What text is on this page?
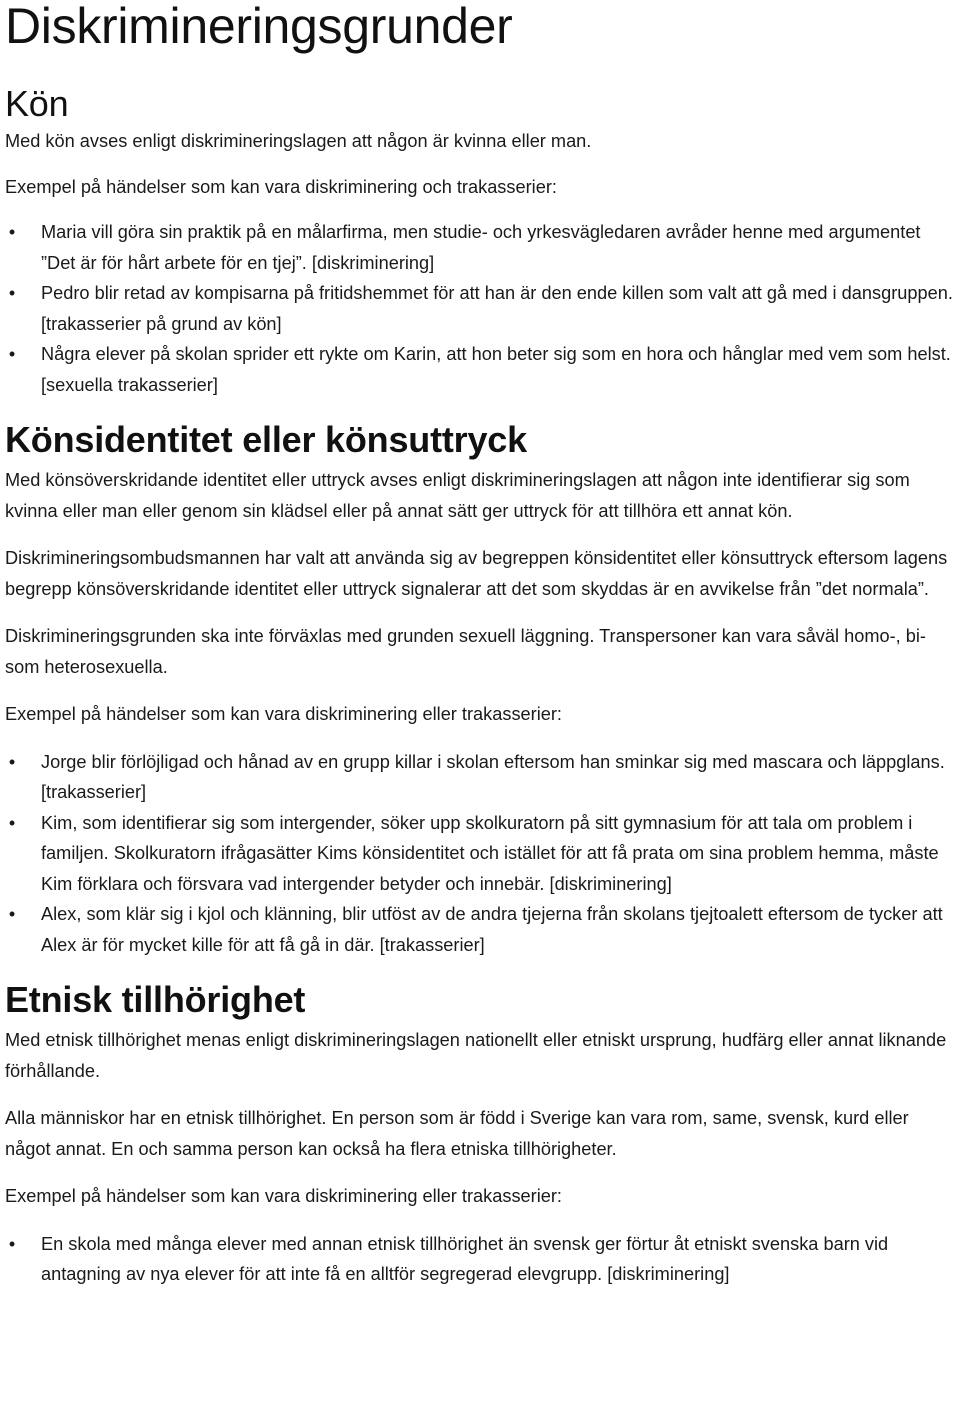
Diskrimineringsgrunder
Kön

Med kön avses enligt diskrimineringslagen att någon är kvinna eller man.

Exempel på händelser som kan vara diskriminering och trakasserier:

• Maria vill göra sin praktik på en målarfirma, men studie- och yrkesvägledaren avråder henne med argumentet ”Det är för hårt arbete för en tjej”. [diskriminering]
• Pedro blir retad av kompisarna på fritidshemmet för att han är den ende killen som valt att gå med i dansgruppen. [trakasserier på grund av kön]
• Några elever på skolan sprider ett rykte om Karin, att hon beter sig som en hora och hånglar med vem som helst. [sexuella trakasserier]
Könsidentitet eller könsuttryck

Med könsöverskridande identitet eller uttryck avses enligt diskrimineringslagen att någon inte identifierar sig som kvinna eller man eller genom sin klädsel eller på annat sätt ger uttryck för att tillhöra ett annat kön.

Diskrimineringsombudsmannen har valt att använda sig av begreppen könsidentitet eller könsuttryck eftersom lagens begrepp könsöverskridande identitet eller uttryck signalerar att det som skyddas är en avvikelse från ”det normala”.

Diskrimineringsgrunden ska inte förväxlas med grunden sexuell läggning. Transpersoner kan vara såväl homo-, bi- som heterosexuella.

Exempel på händelser som kan vara diskriminering eller trakasserier:

• Jorge blir förlöjligad och hånad av en grupp killar i skolan eftersom han sminkar sig med mascara och läppglans. [trakasserier]
• Kim, som identifierar sig som intergender, söker upp skolkuratorn på sitt gymnasium för att tala om problem i familjen. Skolkuratorn ifrågasätter Kims könsidentitet och istället för att få prata om sina problem hemma, måste Kim förklara och försvara vad intergender betyder och innebär. [diskriminering]
• Alex, som klär sig i kjol och klänning, blir utföst av de andra tjejerna från skolans tjejtoalett eftersom de tycker att Alex är för mycket kille för att få gå in där. [trakasserier]
Etnisk tillhörighet

Med etnisk tillhörighet menas enligt diskrimineringslagen nationellt eller etniskt ursprung, hudfärg eller annat liknande förhållande.

Alla människor har en etnisk tillhörighet. En person som är född i Sverige kan vara rom, same, svensk, kurd eller något annat. En och samma person kan också ha flera etniska tillhörigheter.

Exempel på händelser som kan vara diskriminering eller trakasserier:

• En skola med många elever med annan etnisk tillhörighet än svensk ger förtur åt etniskt svenska barn vid antagning av nya elever för att inte få en alltför segregerad elevgrupp. [diskriminering]
